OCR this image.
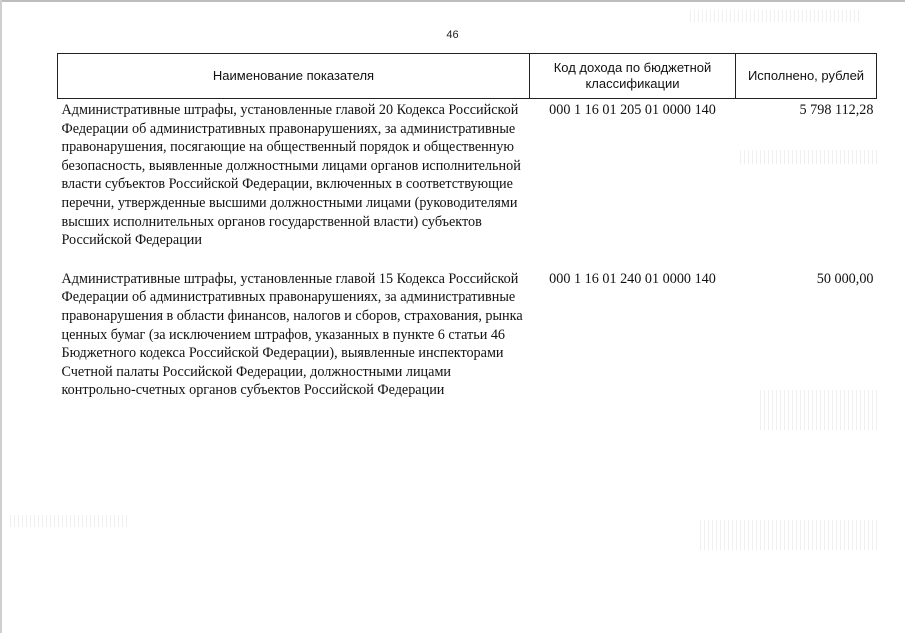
46
Наименование показателя	Код дохода по бюджетной классификации	Исполнено, рублей
Административные штрафы, установленные главой 20 Кодекса Российской Федерации об административных правонарушениях, за административные правонарушения, посягающие на общественный порядок и общественную безопасность, выявленные должностными лицами органов исполнительной власти субъектов Российской Федерации, включенных в соответствующие перечни, утвержденные высшими должностными лицами (руководителями высших исполнительных органов государственной власти) субъектов Российской Федерации	000 1 16 01 205 01 0000 140	5 798 112,28

Административные штрафы, установленные главой 15 Кодекса Российской Федерации об административных правонарушениях, за административные правонарушения в области финансов, налогов и сборов, страхования, рынка ценных бумаг (за исключением штрафов, указанных в пункте 6 статьи 46 Бюджетного кодекса Российской Федерации), выявленные инспекторами Счетной палаты Российской Федерации, должностными лицами контрольно-счетных органов субъектов Российской Федерации	000 1 16 01 240 01 0000 140	50 000,00
